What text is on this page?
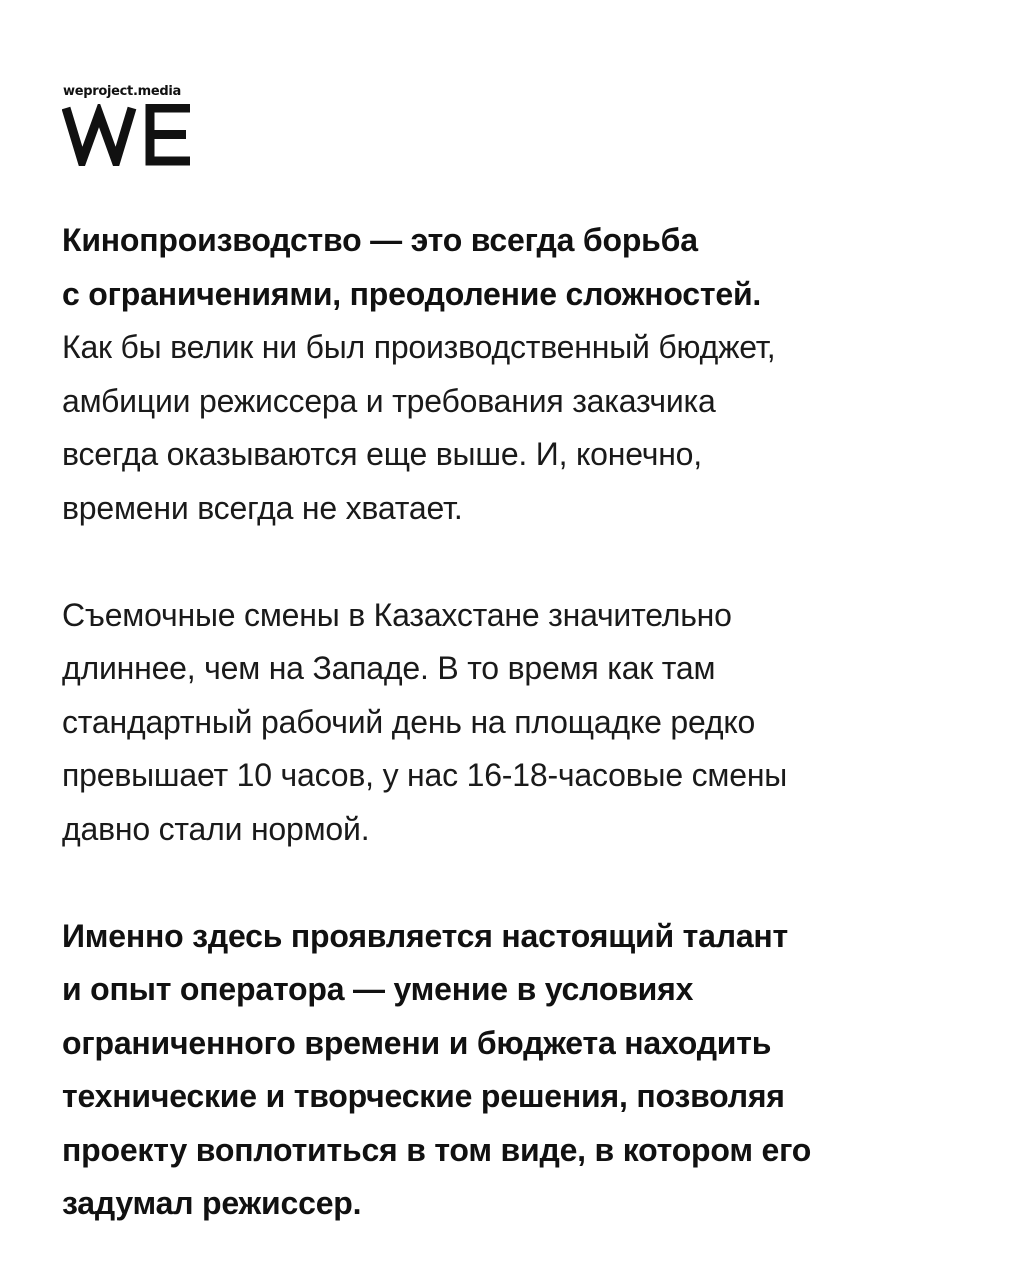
weproject.media
Кинопроизводство — это всегда борьба
с ограничениями, преодоление сложностей.
Как бы велик ни был производственный бюджет,
амбиции режиссера и требования заказчика
всегда оказываются еще выше. И, конечно,
времени всегда не хватает.
Съемочные смены в Казахстане значительно
длиннее, чем на Западе. В то время как там
стандартный рабочий день на площадке редко
превышает 10 часов, у нас 16-18-часовые смены
давно стали нормой.
Именно здесь проявляется настоящий талант
и опыт оператора — умение в условиях
ограниченного времени и бюджета находить
технические и творческие решения, позволяя
проекту воплотиться в том виде, в котором его
задумал режиссер.
